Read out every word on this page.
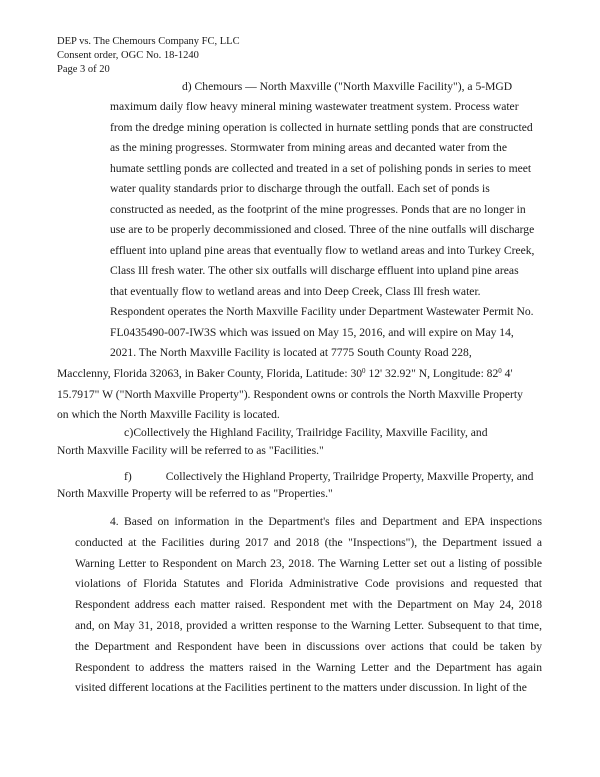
DEP vs. The Chemours Company FC, LLC
Consent order, OGC No. 18-1240
Page 3 of 20
d) Chemours — North Maxville ("North Maxville Facility"), a 5-MGD
maximum daily flow heavy mineral mining wastewater treatment system. Process water
from the dredge mining operation is collected in hurnate settling ponds that are constructed
as the mining progresses. Stormwater from mining areas and decanted water from the
humate settling ponds are collected and treated in a set of polishing ponds in series to meet
water quality standards prior to discharge through the outfall. Each set of ponds is
constructed as needed, as the footprint of the mine progresses. Ponds that are no longer in
use are to be properly decommissioned and closed. Three of the nine outfalls will discharge
effluent into upland pine areas that eventually flow to wetland areas and into Turkey Creek,
Class Ill fresh water. The other six outfalls will discharge effluent into upland pine areas
that eventually flow to wetland areas and into Deep Creek, Class Ill fresh water.
Respondent operates the North Maxville Facility under Department Wastewater Permit No.
FL0435490-007-IW3S which was issued on May 15, 2016, and will expire on May 14,
2021. The North Maxville Facility is located at 7775 South County Road 228,
Macclenny, Florida 32063, in Baker County, Florida, Latitude: $30^0$ 12' 32.92" N, Longitude: $82^0$ 4'
15.7917" W ("North Maxville Property"). Respondent owns or controls the North Maxville Property
on which the North Maxville Facility is located.
c)Collectively the Highland Facility, Trailridge Facility, Maxville Facility, and
North Maxville Facility will be referred to as "Facilities."
f)	Collectively the Highland Property, Trailridge Property, Maxville Property, and
North Maxville Property will be referred to as "Properties."
4. Based on information in the Department's files and Department and EPA inspections
conducted at the Facilities during 2017 and 2018 (the "Inspections"), the Department issued a
Warning Letter to Respondent on March 23, 2018. The Warning Letter set out a listing of possible
violations of Florida Statutes and Florida Administrative Code provisions and requested that
Respondent address each matter raised. Respondent met with the Department on May 24, 2018
and, on May 31, 2018, provided a written response to the Warning Letter. Subsequent to that time,
the Department and Respondent have been in discussions over actions that could be taken by
Respondent to address the matters raised in the Warning Letter and the Department has again
visited different locations at the Facilities pertinent to the matters under discussion. In light of the
